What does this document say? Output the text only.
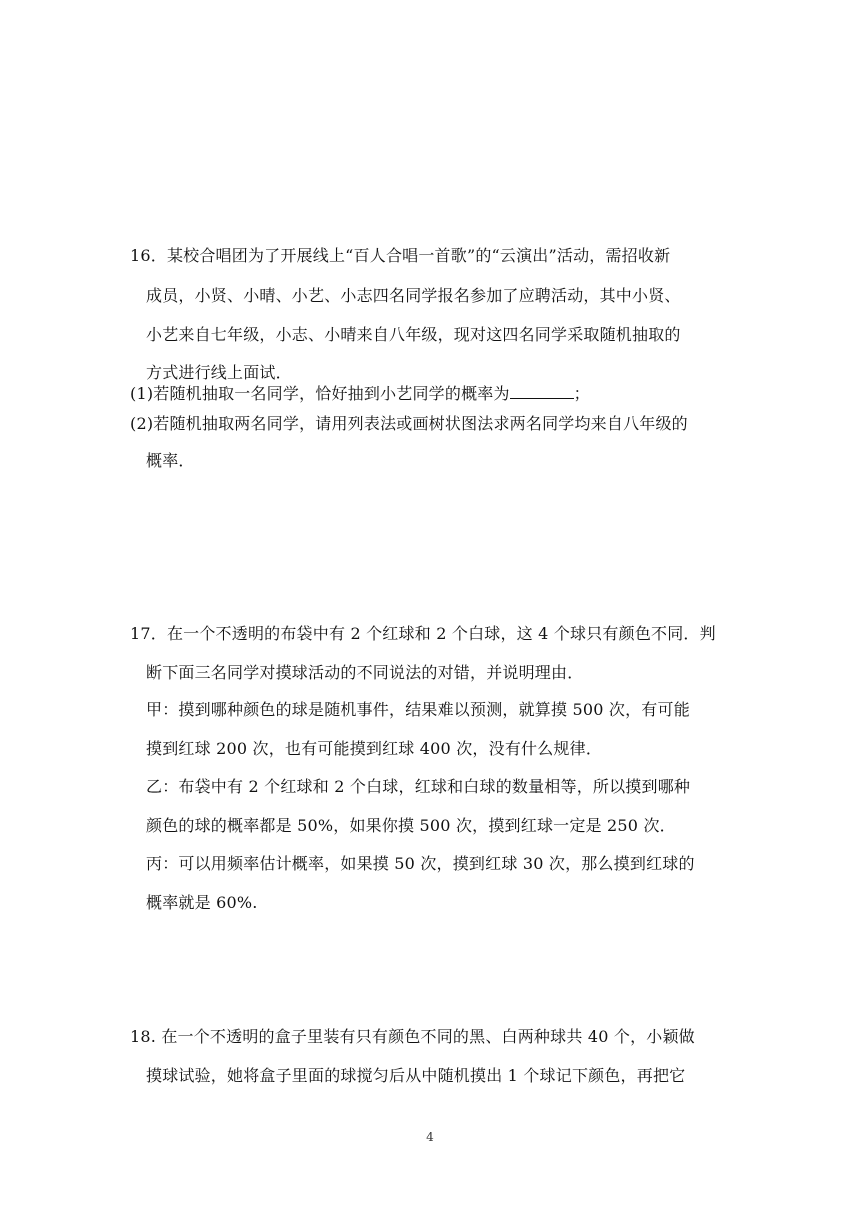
16．某校合唱团为了开展线上“百人合唱一首歌”的“云演出”活动，需招收新
成员，小贤、小晴、小艺、小志四名同学报名参加了应聘活动，其中小贤、
小艺来自七年级，小志、小晴来自八年级，现对这四名同学采取随机抽取的
方式进行线上面试．
(1)若随机抽取一名同学，恰好抽到小艺同学的概率为	；
(2)若随机抽取两名同学，请用列表法或画树状图法求两名同学均来自八年级的
概率．
17．在一个不透明的布袋中有 2 个红球和 2 个白球，这 4 个球只有颜色不同．判
断下面三名同学对摸球活动的不同说法的对错，并说明理由．
甲：摸到哪种颜色的球是随机事件，结果难以预测，就算摸 500 次，有可能
摸到红球 200 次，也有可能摸到红球 400 次，没有什么规律．
乙：布袋中有 2 个红球和 2 个白球，红球和白球的数量相等，所以摸到哪种
颜色的球的概率都是 50%，如果你摸 500 次，摸到红球一定是 250 次．
丙：可以用频率估计概率，如果摸 50 次，摸到红球 30 次，那么摸到红球的
概率就是 60%.
18. 在一个不透明的盒子里装有只有颜色不同的黑、白两种球共 40 个，小颖做
摸球试验，她将盒子里面的球搅匀后从中随机摸出 1 个球记下颜色，再把它
4
